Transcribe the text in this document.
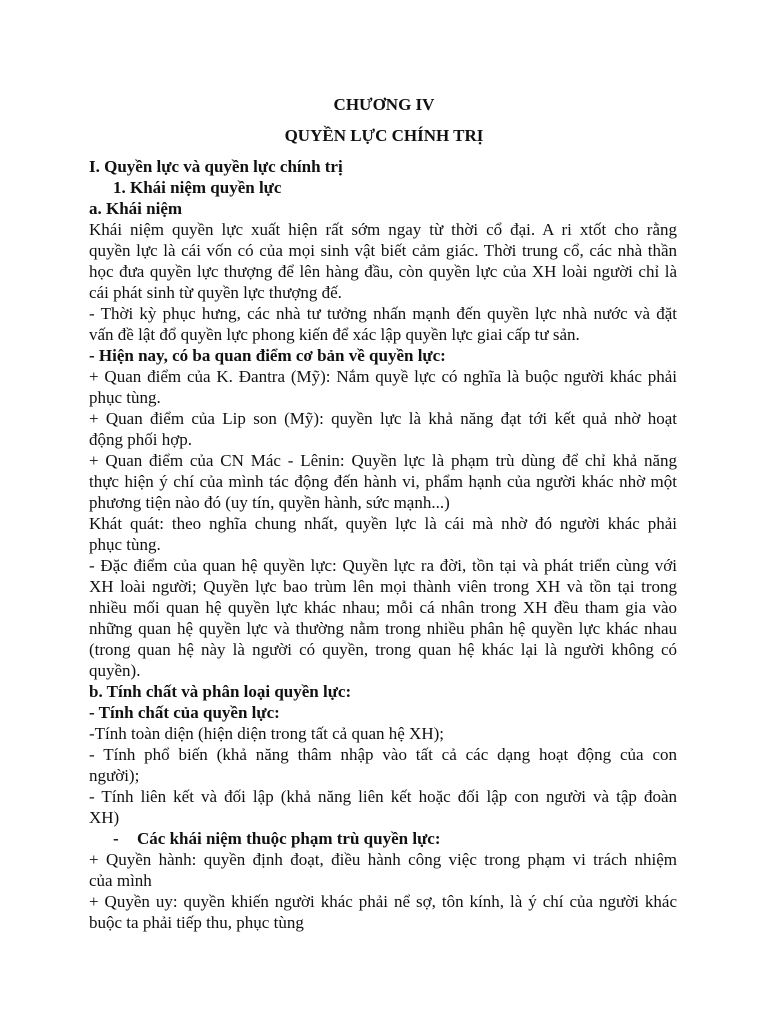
CHƯƠNG IV
QUYỀN LỰC CHÍNH TRỊ
I. Quyền lực và quyền lực chính trị
1. Khái niệm quyền lực
a. Khái niệm
Khái niệm quyền lực xuất hiện rất sớm ngay từ thời cổ đại. A ri xtốt cho rằng
quyền lực là cái vốn có của mọi sinh vật biết cảm giác. Thời trung cổ, các nhà thần
học đưa quyền lực thượng để lên hàng đầu, còn quyền lực của XH loài người chỉ là
cái phát sinh từ quyền lực thượng đế.
- Thời kỳ phục hưng, các nhà tư tưởng nhấn mạnh đến quyền lực nhà nước và đặt
vấn đề lật đổ quyền lực phong kiến để xác lập quyền lực giai cấp tư sản.
- Hiện nay, có ba quan điểm cơ bản về quyền lực:
+ Quan điểm của K. Đantra (Mỹ): Nắm quyề lực có nghĩa là buộc người khác phải
phục tùng.
+ Quan điểm của Lip son (Mỹ): quyền lực là khả năng đạt tới kết quả nhờ hoạt
động phối hợp.
+ Quan điểm của CN Mác - Lênin: Quyền lực là phạm trù dùng để chỉ khả năng
thực hiện ý chí của mình tác động đến hành vi, phẩm hạnh của người khác nhờ một
phương tiện nào đó (uy tín, quyền hành, sức mạnh...)
Khát quát: theo nghĩa chung nhất, quyền lực là cái mà nhờ đó người khác phải
phục tùng.
- Đặc điểm của quan hệ quyền lực: Quyền lực ra đời, tồn tại và phát triển cùng với
XH loài người; Quyền lực bao trùm lên mọi thành viên trong XH và tồn tại trong
nhiều mối quan hệ quyền lực khác nhau; mỗi cá nhân trong XH đều tham gia vào
những quan hệ quyền lực và thường nằm trong nhiều phân hệ quyền lực khác nhau
(trong quan hệ này là người có quyền, trong quan hệ khác lại là người không có
quyền).
b. Tính chất và phân loại quyền lực:
- Tính chất của quyền lực:
-Tính toàn diện (hiện diện trong tất cả quan hệ XH);
- Tính phổ biến (khả năng thâm nhập vào tất cả các dạng hoạt động của con
người);
- Tính liên kết và đối lập (khả năng liên kết hoặc đối lập con người và tập đoàn
XH)
-	Các khái niệm thuộc phạm trù quyền lực:
+ Quyền hành: quyền định đoạt, điều hành công việc trong phạm vi trách nhiệm
của mình
+ Quyền uy: quyền khiến người khác phải nể sợ, tôn kính, là ý chí của người khác
buộc ta phải tiếp thu, phục tùng
